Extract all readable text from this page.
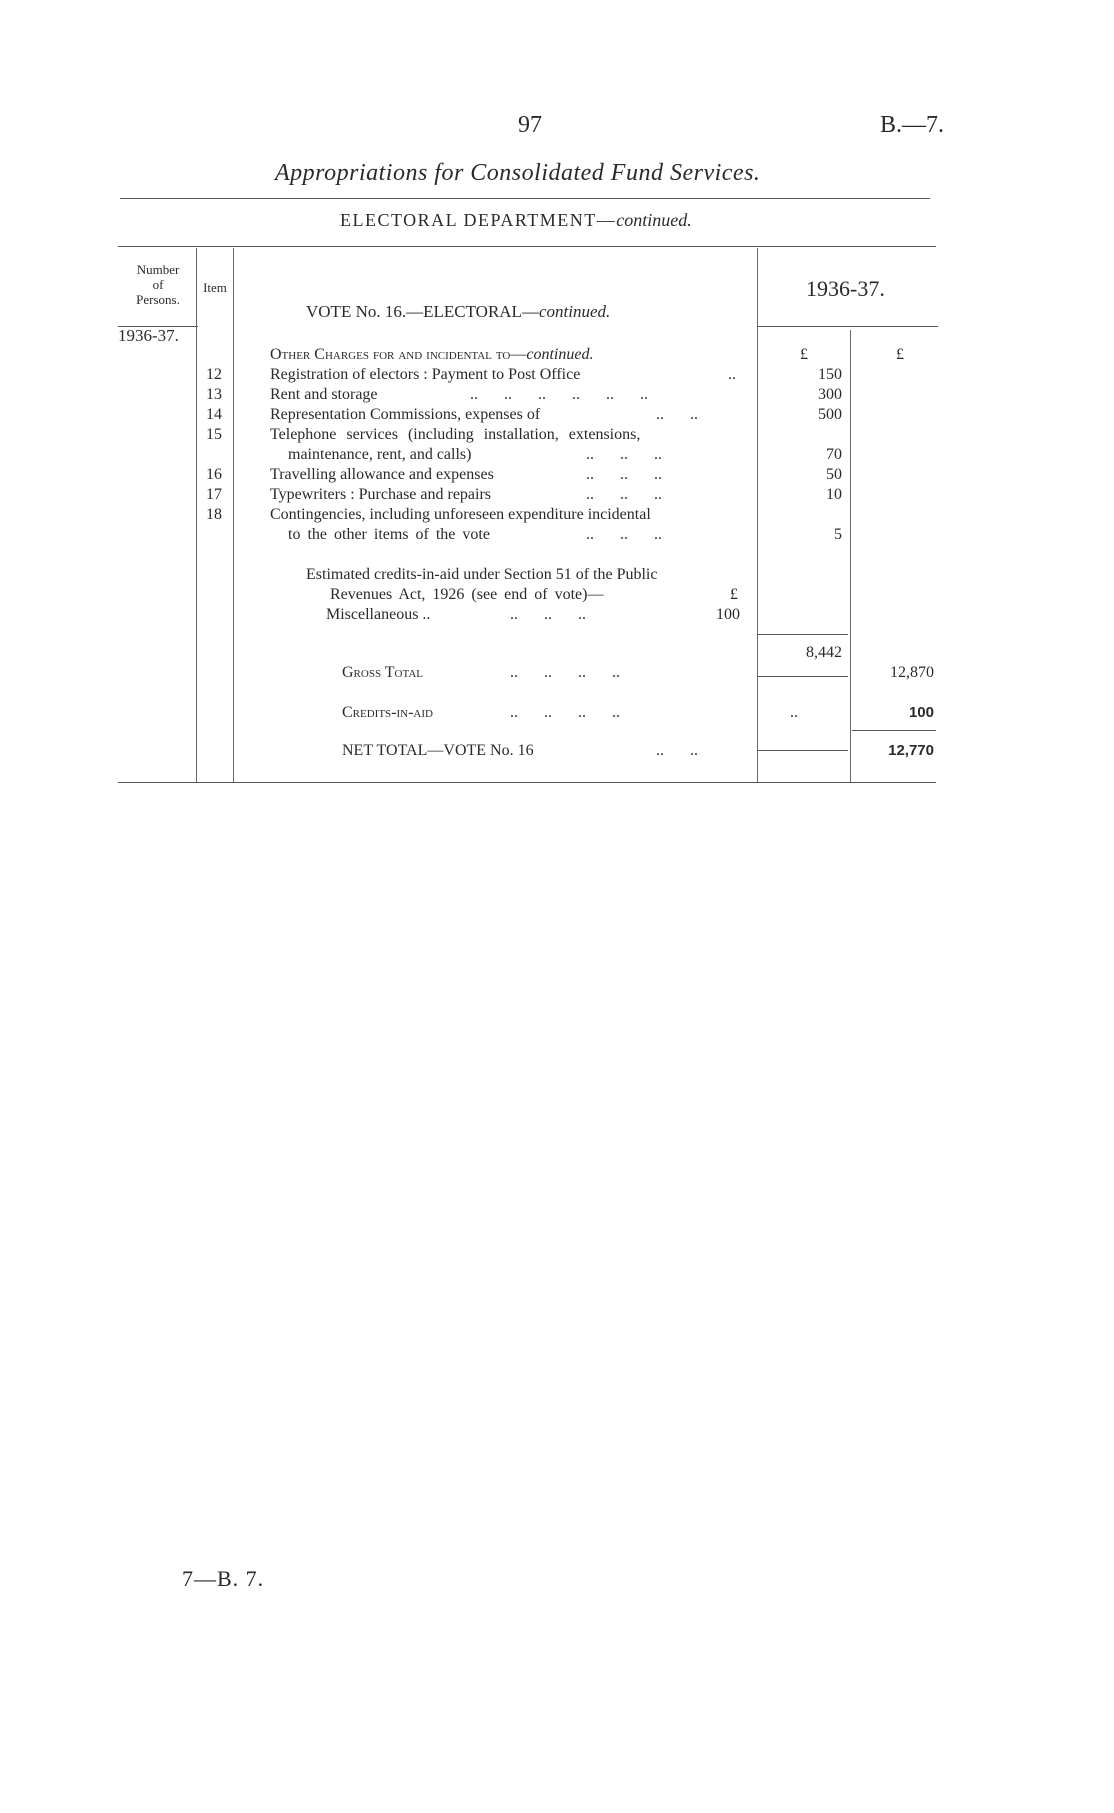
97	B.—7.
Appropriations for Consolidated Fund Services.
ELECTORAL DEPARTMENT—continued.
Number
of
Persons.
Item	1936-37.
1936-37.
VOTE No. 16.—ELECTORAL—continued.
Other Charges for and incidental to—continued.	£	£
12	Registration of electors : Payment to Post Office	..	150
13	Rent and storage	.. .. .. .. .. ..	300
14	Representation Commissions, expenses of	.. ..	500
15	Telephone services (including installation, extensions,
maintenance, rent, and calls)	.. .. ..	70
16	Travelling allowance and expenses	.. .. ..	50
17	Typewriters : Purchase and repairs	.. .. ..	10
18	Contingencies, including unforeseen expenditure incidental
to the other items of the vote	.. .. ..	5
Estimated credits-in-aid under Section 51 of the Public
Revenues Act, 1926 (see end of vote)—	£
Miscellaneous ..	.. .. ..	100
8,442
Gross Total	.. .. .. ..	12,870
Credits-in-aid	.. .. .. ..	..	100
NET TOTAL—VOTE No. 16	.. ..	12,770
7—B. 7.
